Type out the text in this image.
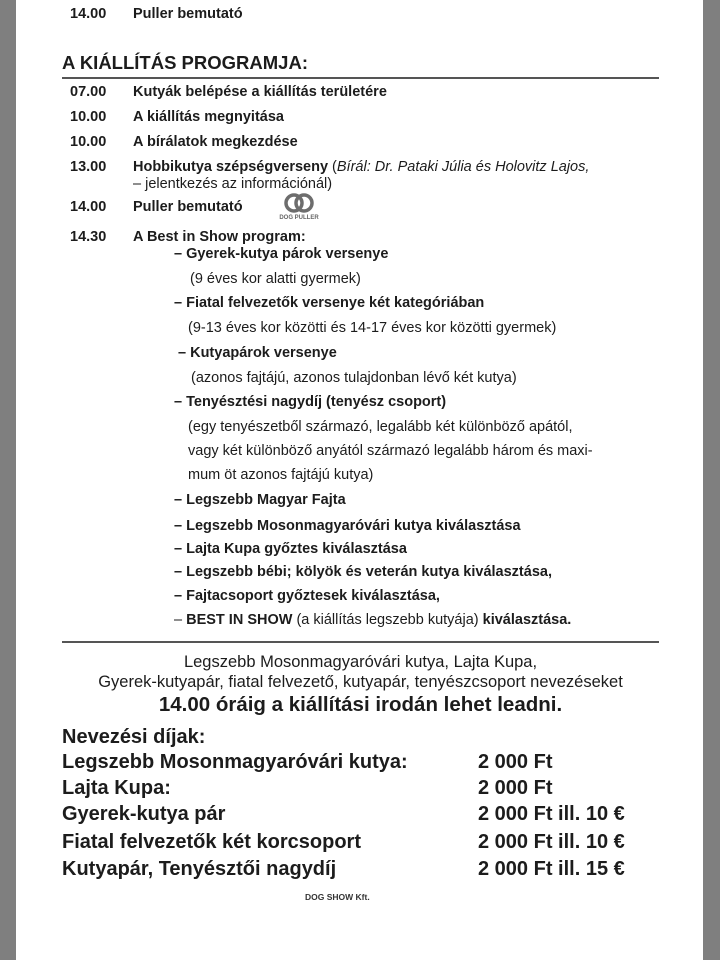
14.00 Puller bemutató
A KIÁLLÍTÁS PROGRAMJA:
07.00 Kutyák belépése a kiállítás területére
10.00 A kiállítás megnyitása
10.00 A bírálatok megkezdése
13.00 Hobbikutya szépségverseny (Bírál: Dr. Pataki Júlia és Holovitz Lajos,
– jelentkezés az információnál)
14.00 Puller bemutató
DOG PULLER
14.30 A Best in Show program:
– Gyerek-kutya párok versenye
(9 éves kor alatti gyermek)
– Fiatal felvezetők versenye két kategóriában
(9-13 éves kor közötti és 14-17 éves kor közötti gyermek)
– Kutyapárok versenye
(azonos fajtájú, azonos tulajdonban lévő két kutya)
– Tenyésztési nagydíj (tenyész csoport)
(egy tenyészetből származó, legalább két különböző apától,
vagy két különböző anyától származó legalább három és maxi-
mum öt azonos fajtájú kutya)
– Legszebb Magyar Fajta
– Legszebb Mosonmagyaróvári kutya kiválasztása
– Lajta Kupa győztes kiválasztása
– Legszebb bébi; kölyök és veterán kutya kiválasztása,
– Fajtacsoport győztesek kiválasztása,
– BEST IN SHOW (a kiállítás legszebb kutyája) kiválasztása.
Legszebb Mosonmagyaróvári kutya, Lajta Kupa,
Gyerek-kutyapár, fiatal felvezető, kutyapár, tenyészcsoport nevezéseket
14.00 óráig a kiállítási irodán lehet leadni.
Nevezési díjak:
Legszebb Mosonmagyaróvári kutya:	2 000 Ft
Lajta Kupa:	2 000 Ft
Gyerek-kutya pár	2 000 Ft ill. 10 €
Fiatal felvezetők két korcsoport	2 000 Ft ill. 10 €
Kutyapár, Tenyésztői nagydíj	2 000 Ft ill. 15 €
DOG SHOW Kft.
